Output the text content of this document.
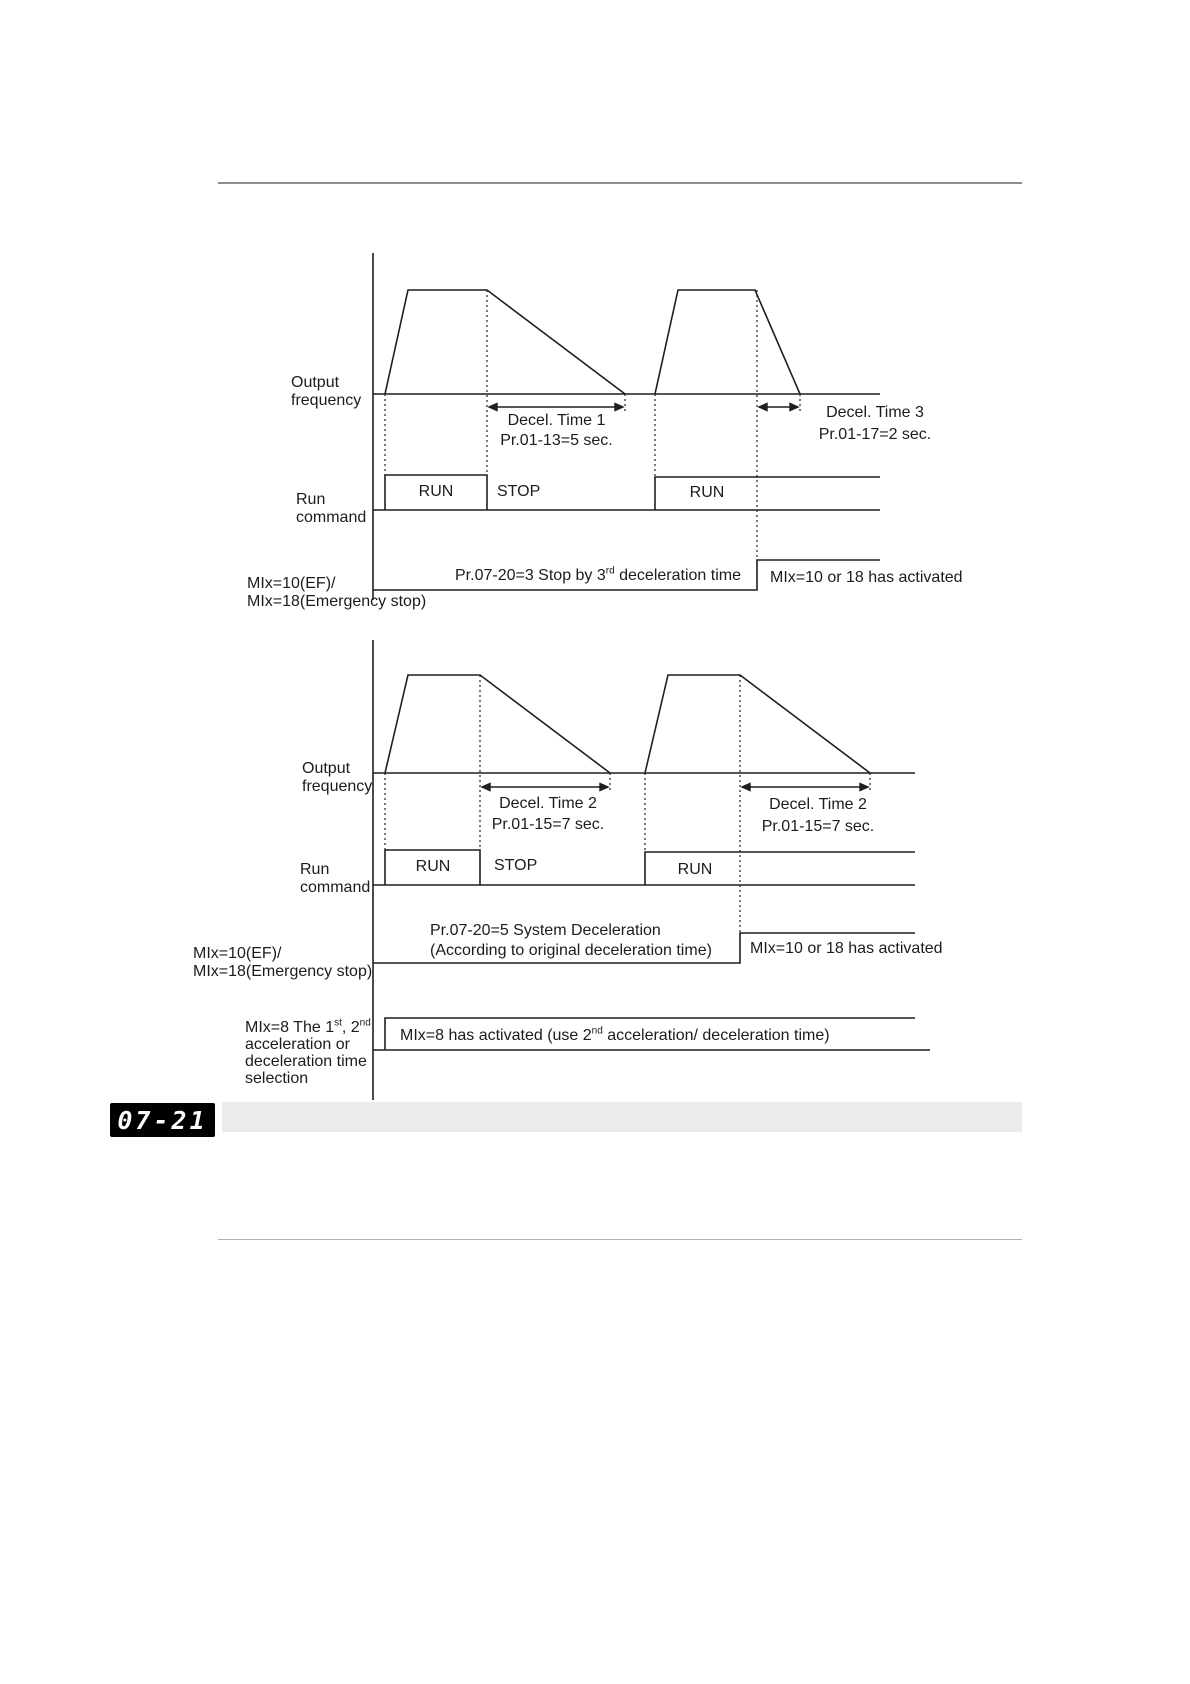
Output
frequency
Decel. Time 1
Pr.01-13=5 sec.
Decel. Time 3
Pr.01-17=2 sec.
Run
command
RUN	STOP	RUN
Pr.07-20=3 Stop by 3rd deceleration time MIx=10 or 18 has activated
MIx=10(EF)/
MIx=18(Emergency stop)
Output
frequency
Decel. Time 2
Pr.01-15=7 sec.
Decel. Time 2
Pr.01-15=7 sec.
Run
command
RUN	STOP	RUN
Pr.07-20=5 System Deceleration
(According to original deceleration time) MIx=10 or 18 has activated
MIx=10(EF)/
MIx=18(Emergency stop)
MIx=8 has activated (use 2nd acceleration/ deceleration time)
MIx=8 The 1st, 2nd
acceleration or
deceleration time
selection
07-21
